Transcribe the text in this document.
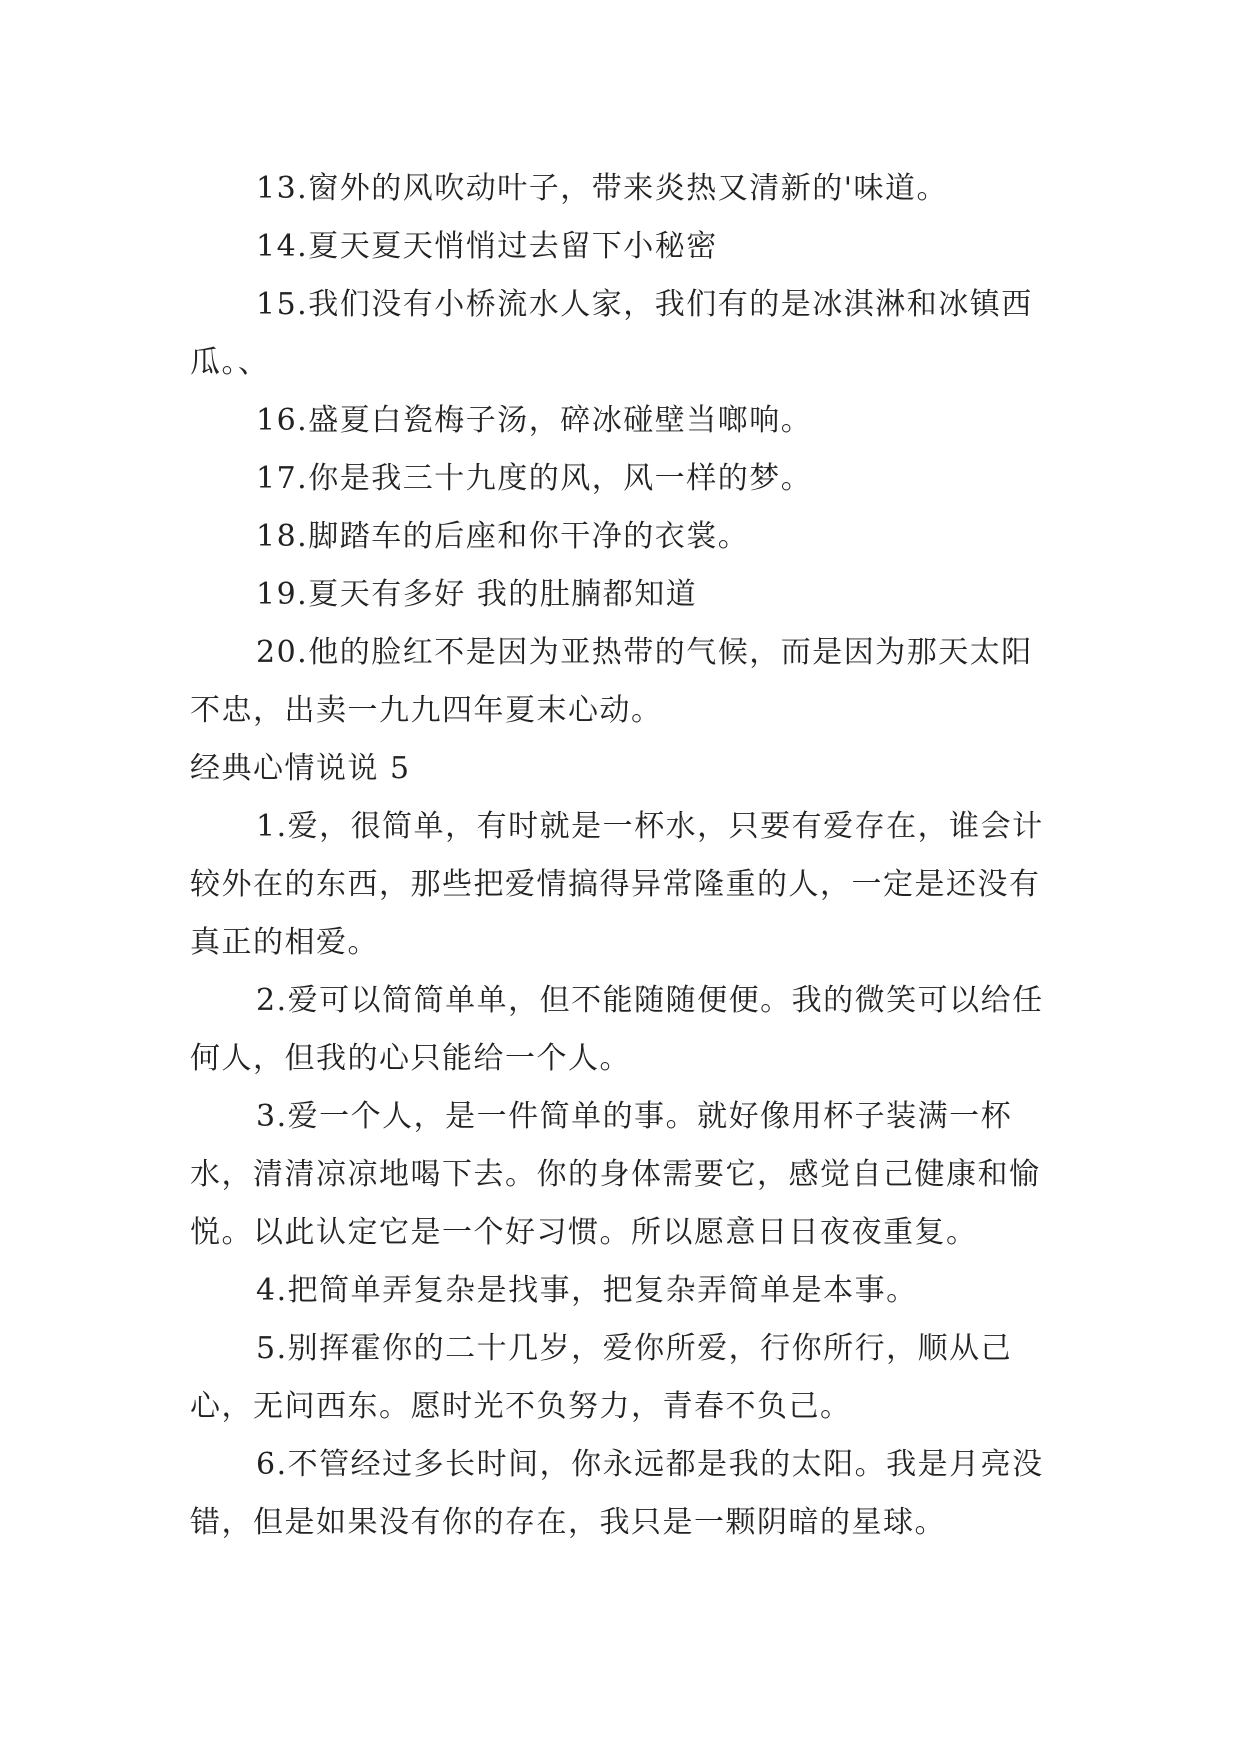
13.窗外的风吹动叶子，带来炎热又清新的'味道。

14.夏天夏天悄悄过去留下小秘密

15.我们没有小桥流水人家，我们有的是冰淇淋和冰镇西瓜。、

16.盛夏白瓷梅子汤，碎冰碰壁当啷响。

17.你是我三十九度的风，风一样的梦。

18.脚踏车的后座和你干净的衣裳。

19.夏天有多好 我的肚腩都知道

20.他的脸红不是因为亚热带的气候，而是因为那天太阳不忠，出卖一九九四年夏末心动。

经典心情说说 5

1.爱，很简单，有时就是一杯水，只要有爱存在，谁会计较外在的东西，那些把爱情搞得异常隆重的人，一定是还没有真正的相爱。

2.爱可以简简单单，但不能随随便便。我的微笑可以给任何人，但我的心只能给一个人。

3.爱一个人，是一件简单的事。就好像用杯子装满一杯水，清清凉凉地喝下去。你的身体需要它，感觉自己健康和愉悦。以此认定它是一个好习惯。所以愿意日日夜夜重复。

4.把简单弄复杂是找事，把复杂弄简单是本事。

5.别挥霍你的二十几岁，爱你所爱，行你所行，顺从己心，无问西东。愿时光不负努力，青春不负己。

6.不管经过多长时间，你永远都是我的太阳。我是月亮没错，但是如果没有你的存在，我只是一颗阴暗的星球。
